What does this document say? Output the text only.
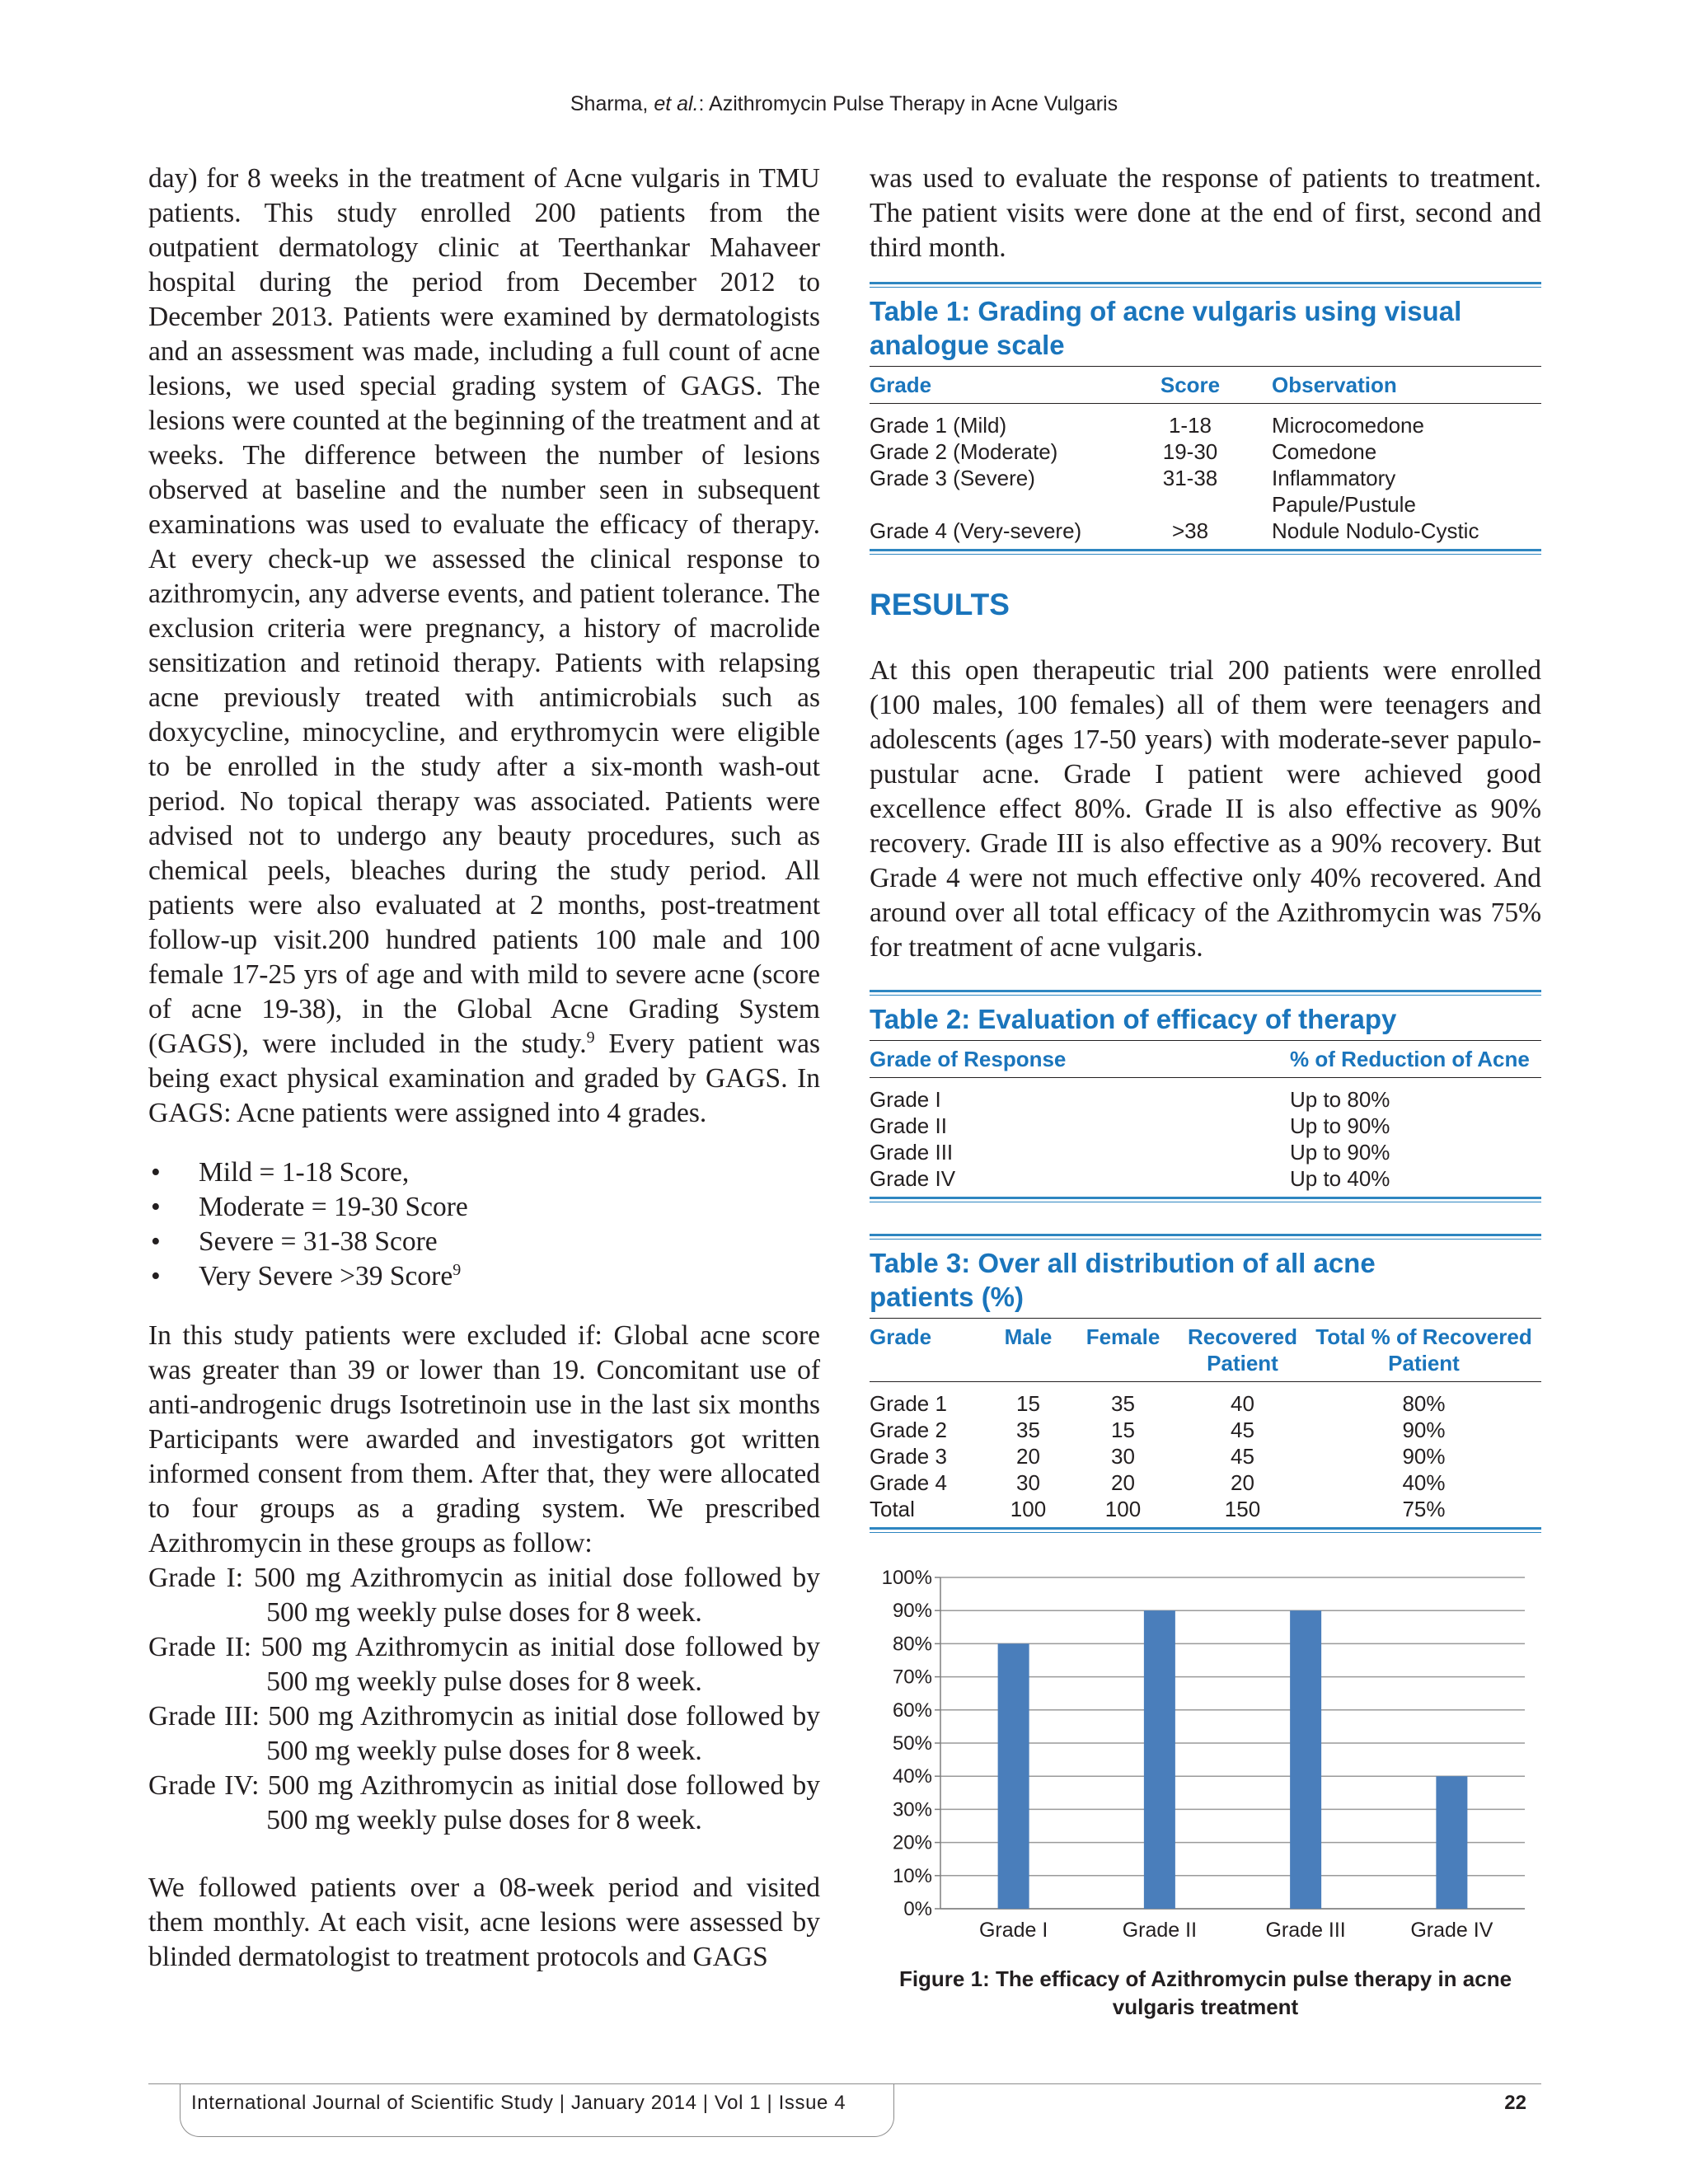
Sharma, et al.: Azithromycin Pulse Therapy in Acne Vulgaris

day) for 8 weeks in the treatment of Acne vulgaris in TMU patients. This study enrolled 200 patients from the outpatient dermatology clinic at Teerthankar Mahaveer hospital during the period from December 2012 to December 2013. Patients were examined by dermatologists and an assessment was made, including a full count of acne lesions, we used special grading system of GAGS. The lesions were counted at the beginning of the treatment and at weeks. The difference between the number of lesions observed at baseline and the number seen in subsequent examinations was used to evaluate the efficacy of therapy. At every check-up we assessed the clinical response to azithromycin, any adverse events, and patient tolerance. The exclusion criteria were pregnancy, a history of macrolide sensitization and retinoid therapy. Patients with relapsing acne previously treated with antimicrobials such as doxycycline, minocycline, and erythromycin were eligible to be enrolled in the study after a six-month wash-out period. No topical therapy was associated. Patients were advised not to undergo any beauty procedures, such as chemical peels, bleaches during the study period. All patients were also evaluated at 2 months, post-treatment follow-up visit.200 hundred patients 100 male and 100 female 17-25 yrs of age and with mild to severe acne (score of acne 19-38), in the Global Acne Grading System (GAGS), were included in the study.$^9$ Every patient was being exact physical examination and graded by GAGS. In GAGS: Acne patients were assigned into 4 grades.

• Mild = 1-18 Score,
• Moderate = 19-30 Score
• Severe = 31-38 Score
• Very Severe >39 Score$^9$

In this study patients were excluded if: Global acne score was greater than 39 or lower than 19. Concomitant use of anti-androgenic drugs Isotretinoin use in the last six months Participants were awarded and investigators got written informed consent from them. After that, they were allocated to four groups as a grading system. We prescribed Azithromycin in these groups as follow:

Grade I: 500 mg Azithromycin as initial dose followed by
500 mg weekly pulse doses for 8 week.
Grade II: 500 mg Azithromycin as initial dose followed by
500 mg weekly pulse doses for 8 week.
Grade III: 500 mg Azithromycin as initial dose followed by
500 mg weekly pulse doses for 8 week.
Grade IV: 500 mg Azithromycin as initial dose followed by
500 mg weekly pulse doses for 8 week.

We followed patients over a 08-week period and visited them monthly. At each visit, acne lesions were assessed by blinded dermatologist to treatment protocols and GAGS

was used to evaluate the response of patients to treatment. The patient visits were done at the end of first, second and third month.

Table 1: Grading of acne vulgaris using visual analogue scale
Grade	Score	Observation
Grade 1 (Mild)	1-18	Microcomedone
Grade 2 (Moderate)	19-30	Comedone
Grade 3 (Severe)	31-38	Inflammatory Papule/Pustule
Grade 4 (Very-severe)	>38	Nodule Nodulo-Cystic
RESULTS

At this open therapeutic trial 200 patients were enrolled (100 males, 100 females) all of them were teenagers and adolescents (ages 17-50 years) with moderate-sever papulo-pustular acne. Grade I patient were achieved good excellence effect 80%. Grade II is also effective as 90% recovery. Grade III is also effective as a 90% recovery. But Grade 4 were not much effective only 40% recovered. And around over all total efficacy of the Azithromycin was 75% for treatment of acne vulgaris.

Table 2: Evaluation of efficacy of therapy
Grade of Response	% of Reduction of Acne
Grade I	Up to 80%
Grade II	Up to 90%
Grade III	Up to 90%
Grade IV	Up to 40%
Table 3: Over all distribution of all acne patients (%)
Grade	Male	Female	Recovered Patient	Total % of Recovered Patient
Grade 1	15	35	40	80%
Grade 2	35	15	45	90%
Grade 3	20	30	45	90%
Grade 4	30	20	20	40%
Total	100	100	150	75%
0%
10%
20%
30%
40%
50%
60%
70%
80%
90%
100%
Grade I	Grade II	Grade III	Grade IV
Figure 1: The efficacy of Azithromycin pulse therapy in acne vulgaris treatment
International Journal of Scientific Study | January 2014 | Vol 1 | Issue 4	22
